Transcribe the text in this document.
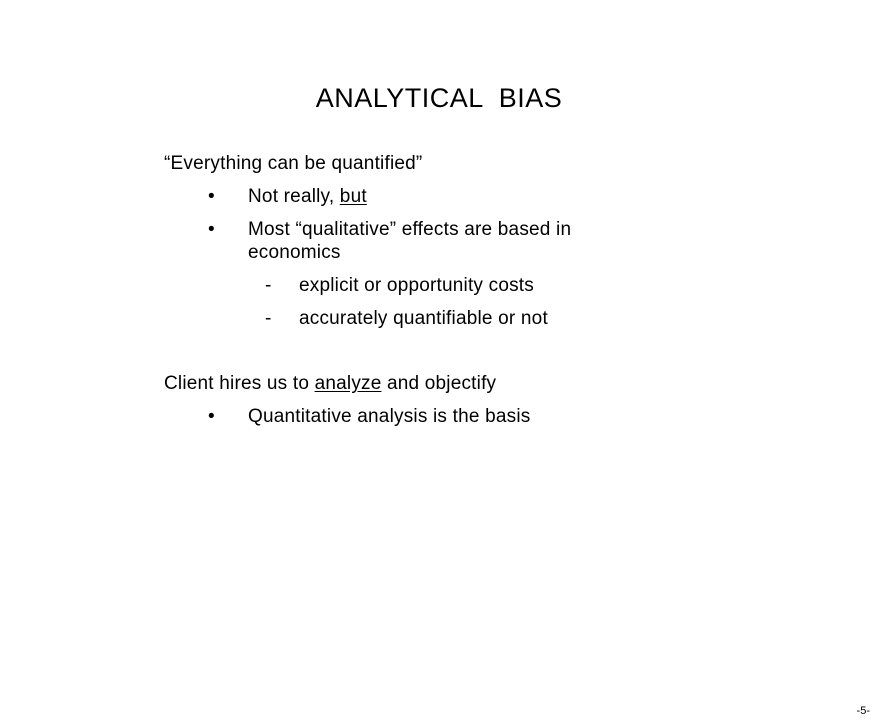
ANALYTICAL  BIAS
“Everything can be quantified”
• Not really, but
• Most “qualitative” effects are based in
economics
- explicit or opportunity costs
- accurately quantifiable or not
Client hires us to analyze and objectify
• Quantitative analysis is the basis
-5-
